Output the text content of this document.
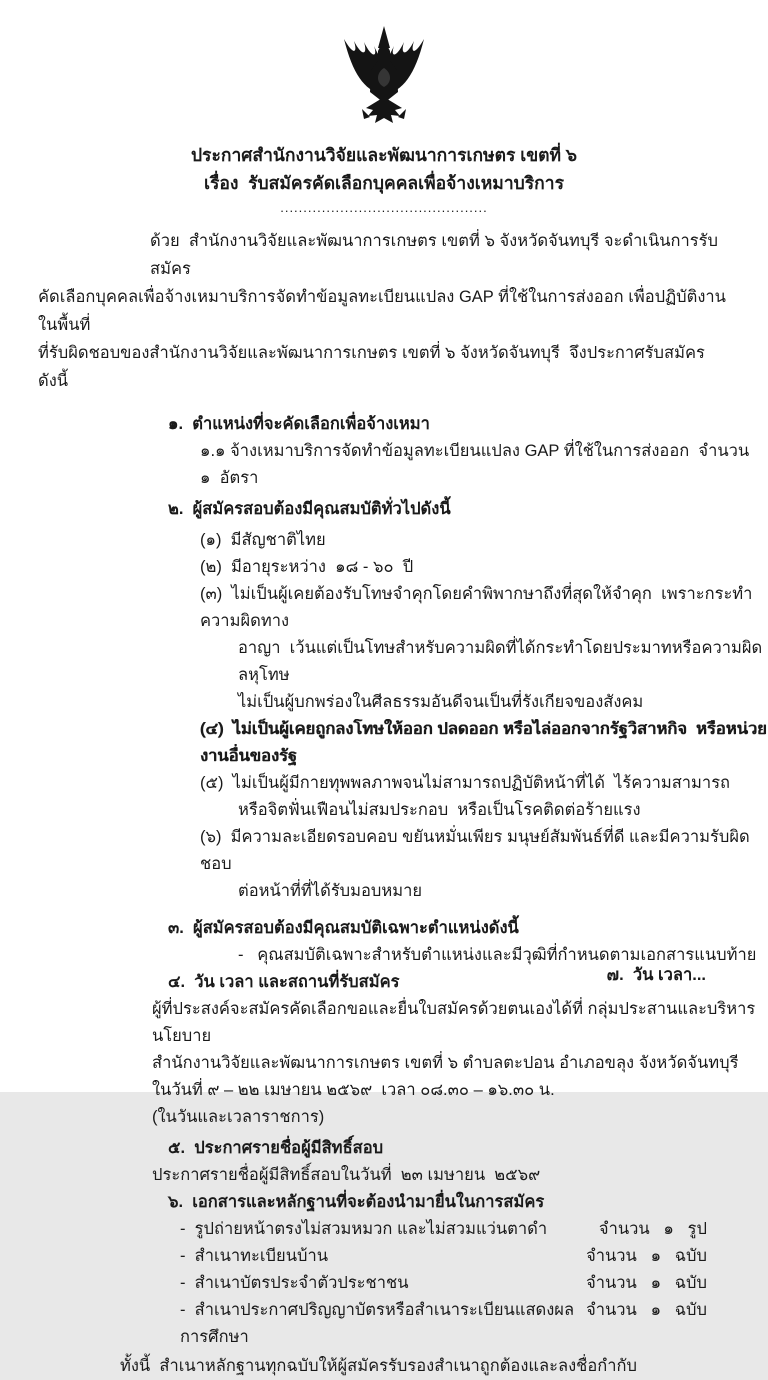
ประกาศสำนักงานวิจัยและพัฒนาการเกษตร เขตที่ ๖
เรื่อง  รับสมัครคัดเลือกบุคคลเพื่อจ้างเหมาบริการ
.............................................
ด้วย  สำนักงานวิจัยและพัฒนาการเกษตร เขตที่ ๖ จังหวัดจันทบุรี จะดำเนินการรับสมัคร
คัดเลือกบุคคลเพื่อจ้างเหมาบริการจัดทำข้อมูลทะเบียนแปลง GAP ที่ใช้ในการส่งออก เพื่อปฏิบัติงานในพื้นที่
ที่รับผิดชอบของสำนักงานวิจัยและพัฒนาการเกษตร เขตที่ ๖ จังหวัดจันทบุรี  จึงประกาศรับสมัครดังนี้
๑.  ตำแหน่งที่จะคัดเลือกเพื่อจ้างเหมา
๑.๑ จ้างเหมาบริการจัดทำข้อมูลทะเบียนแปลง GAP ที่ใช้ในการส่งออก  จำนวน  ๑  อัตรา
๒.  ผู้สมัครสอบต้องมีคุณสมบัติทั่วไปดังนี้
(๑)  มีสัญชาติไทย
(๒)  มีอายุระหว่าง  ๑๘ - ๖๐  ปี
(๓)  ไม่เป็นผู้เคยต้องรับโทษจำคุกโดยคำพิพากษาถึงที่สุดให้จำคุก  เพราะกระทำความผิดทาง
อาญา  เว้นแต่เป็นโทษสำหรับความผิดที่ได้กระทำโดยประมาทหรือความผิดลหุโทษ
ไม่เป็นผู้บกพร่องในศีลธรรมอันดีจนเป็นที่รังเกียจของสังคม
(๔)  ไม่เป็นผู้เคยถูกลงโทษให้ออก ปลดออก หรือไล่ออกจากรัฐวิสาหกิจ  หรือหน่วยงานอื่นของรัฐ
(๕)  ไม่เป็นผู้มีกายทุพพลภาพจนไม่สามารถปฏิบัติหน้าที่ได้  ไร้ความสามารถ
หรือจิตฟั่นเฟือนไม่สมประกอบ  หรือเป็นโรคติดต่อร้ายแรง
(๖)  มีความละเอียดรอบคอบ ขยันหมั่นเพียร มนุษย์สัมพันธ์ที่ดี และมีความรับผิดชอบ
ต่อหน้าที่ที่ได้รับมอบหมาย
๓.  ผู้สมัครสอบต้องมีคุณสมบัติเฉพาะตำแหน่งดังนี้
-   คุณสมบัติเฉพาะสำหรับตำแหน่งและมีวุฒิที่กำหนดตามเอกสารแนบท้าย
๔.  วัน เวลา และสถานที่รับสมัคร
ผู้ที่ประสงค์จะสมัครคัดเลือกขอและยื่นใบสมัครด้วยตนเองได้ที่ กลุ่มประสานและบริหารนโยบาย
สำนักงานวิจัยและพัฒนาการเกษตร เขตที่ ๖ ตำบลตะปอน อำเภอขลุง จังหวัดจันทบุรี
ในวันที่ ๙ – ๒๒ เมษายน ๒๕๖๙  เวลา ๐๘.๓๐ – ๑๖.๓๐ น.
(ในวันและเวลาราชการ)
๕.  ประกาศรายชื่อผู้มีสิทธิ์สอบ
ประกาศรายชื่อผู้มีสิทธิ์สอบในวันที่  ๒๓ เมษายน  ๒๕๖๙
๖.  เอกสารและหลักฐานที่จะต้องนำมายื่นในการสมัคร
-  รูปถ่ายหน้าตรงไม่สวมหมวก และไม่สวมแว่นตาดำ	จำนวน   ๑   รูป
-  สำเนาทะเบียนบ้าน	จำนวน   ๑   ฉบับ
-  สำเนาบัตรประจำตัวประชาชน	จำนวน   ๑   ฉบับ
-  สำเนาประกาศปริญญาบัตรหรือสำเนาระเบียนแสดงผลการศึกษา
จำนวน   ๑   ฉบับ
ทั้งนี้  สำเนาหลักฐานทุกฉบับให้ผู้สมัครรับรองสำเนาถูกต้องและลงชื่อกำกับ
๗.  วัน เวลา...
